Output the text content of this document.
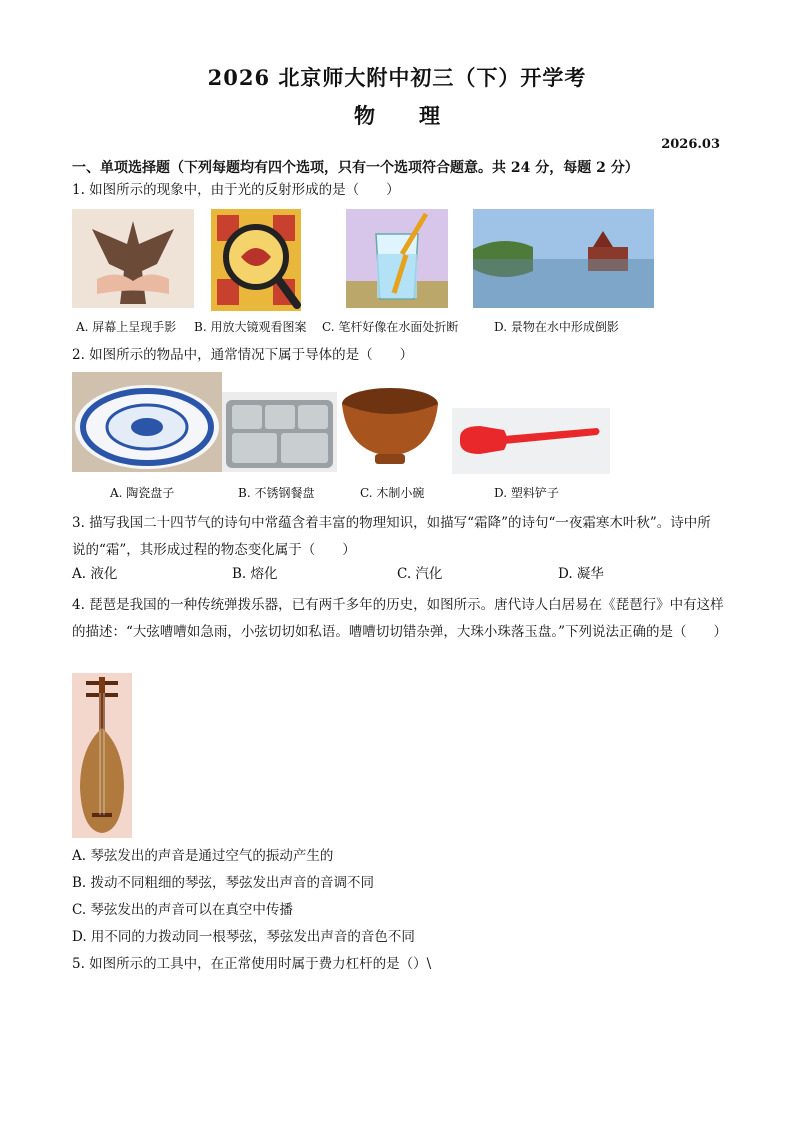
2026 北京师大附中初三（下）开学考
物理
2026.03
一、单项选择题（下列每题均有四个选项，只有一个选项符合题意。共 24 分，每题 2 分）
1. 如图所示的现象中，由于光的反射形成的是（　　）
A. 屏幕上呈现手影 B. 用放大镜观看图案 C. 笔杆好像在水面处折断	D. 景物在水中形成倒影
2. 如图所示的物品中，通常情况下属于导体的是（　　）
A. 陶瓷盘子	B. 不锈钢餐盘	C. 木制小碗	D. 塑料铲子
3. 描写我国二十四节气的诗句中常蕴含着丰富的物理知识，如描写“霜降”的诗句“一夜霜寒木叶秋”。诗中所说的“霜”，其形成过程的物态变化属于（　　）
A. 液化	B. 熔化	C. 汽化	D. 凝华
4. 琵琶是我国的一种传统弹拨乐器，已有两千多年的历史，如图所示。唐代诗人白居易在《琵琶行》中有这样的描述：“大弦嘈嘈如急雨，小弦切切如私语。嘈嘈切切错杂弹，大珠小珠落玉盘。”下列说法正确的是（　　）
A. 琴弦发出的声音是通过空气的振动产生的
B. 拨动不同粗细的琴弦，琴弦发出声音的音调不同
C. 琴弦发出的声音可以在真空中传播
D. 用不同的力拨动同一根琴弦，琴弦发出声音的音色不同
5. 如图所示的工具中，在正常使用时属于费力杠杆的是（）\
